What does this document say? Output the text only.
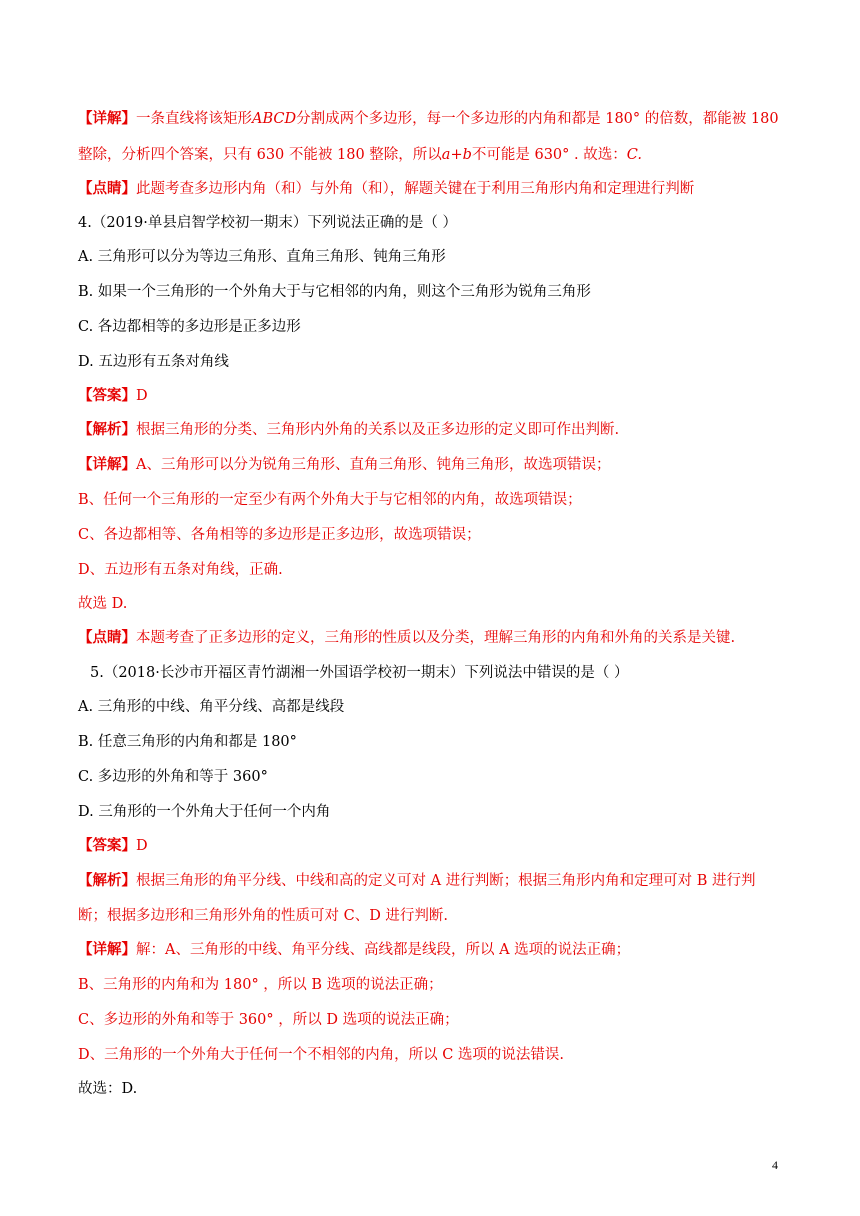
【详解】一条直线将该矩形ABCD分割成两个多边形，每一个多边形的内角和都是 180° 的倍数，都能被 180
整除，分析四个答案，只有 630 不能被 180 整除，所以a+b不可能是 630° . 故选：C.
【点睛】此题考查多边形内角（和）与外角（和），解题关键在于利用三角形内角和定理进行判断
4.（2019·单县启智学校初一期末）下列说法正确的是（ ）
A. 三角形可以分为等边三角形、直角三角形、钝角三角形
B. 如果一个三角形的一个外角大于与它相邻的内角，则这个三角形为锐角三角形
C. 各边都相等的多边形是正多边形
D. 五边形有五条对角线
【答案】D
【解析】根据三角形的分类、三角形内外角的关系以及正多边形的定义即可作出判断.
【详解】A、三角形可以分为锐角三角形、直角三角形、钝角三角形，故选项错误；
B、任何一个三角形的一定至少有两个外角大于与它相邻的内角，故选项错误；
C、各边都相等、各角相等的多边形是正多边形，故选项错误；
D、五边形有五条对角线，正确.
故选 D.
【点睛】本题考查了正多边形的定义，三角形的性质以及分类，理解三角形的内角和外角的关系是关键.
5.（2018·长沙市开福区青竹湖湘一外国语学校初一期末）下列说法中错误的是（ ）
A. 三角形的中线、角平分线、高都是线段
B. 任意三角形的内角和都是 180°
C. 多边形的外角和等于 360°
D. 三角形的一个外角大于任何一个内角
【答案】D
【解析】根据三角形的角平分线、中线和高的定义可对 A 进行判断；根据三角形内角和定理可对 B 进行判
断；根据多边形和三角形外角的性质可对 C、D 进行判断.
【详解】解：A、三角形的中线、角平分线、高线都是线段，所以 A 选项的说法正确；
B、三角形的内角和为 180° ，所以 B 选项的说法正确；
C、多边形的外角和等于 360° ，所以 D 选项的说法正确；
D、三角形的一个外角大于任何一个不相邻的内角，所以 C 选项的说法错误.
故选：D.
4
